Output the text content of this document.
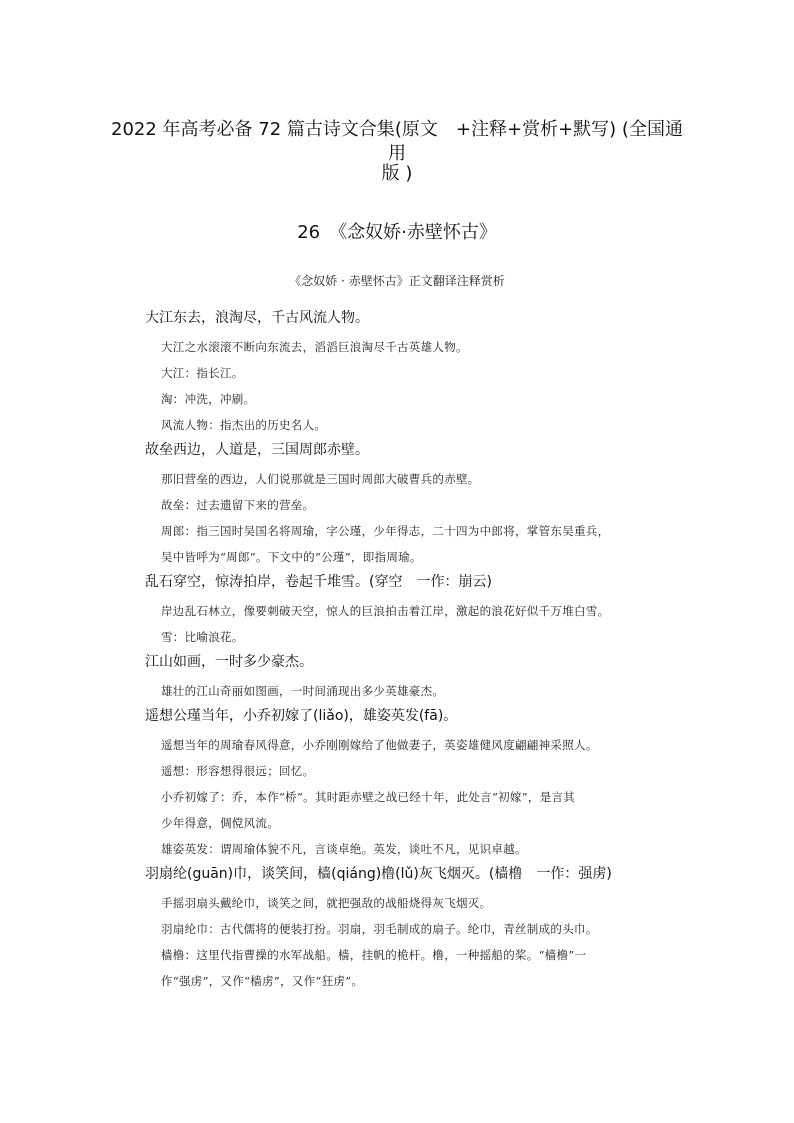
2022 年高考必备 72 篇古诗文合集(原文　+注释+赏析+默写) (全国通用
版 )
26　《念奴娇·赤壁怀古》
《念奴娇 · 赤壁怀古》正文翻译注释赏析

大江东去，浪淘尽，千古风流人物。

大江之水滚滚不断向东流去，滔滔巨浪淘尽千古英雄人物。

大江：指长江。

淘：冲洗，冲刷。

风流人物：指杰出的历史名人。

故垒西边，人道是，三国周郎赤壁。

那旧营垒的西边，人们说那就是三国时周郎大破曹兵的赤壁。

故垒：过去遗留下来的营垒。

周郎：指三国时吴国名将周瑜，字公瑾，少年得志，二十四为中郎将，掌管东吴重兵，

吴中皆呼为“周郎”。下文中的“公瑾”，即指周瑜。

乱石穿空，惊涛拍岸，卷起千堆雪。(穿空　一作：崩云)

岸边乱石林立，像要刺破天空，惊人的巨浪拍击着江岸，激起的浪花好似千万堆白雪。

雪：比喻浪花。

江山如画，一时多少豪杰。

雄壮的江山奇丽如图画，一时间涌现出多少英雄豪杰。

遥想公瑾当年，小乔初嫁了(liǎo)，雄姿英发(fā)。

遥想当年的周瑜春风得意，小乔刚刚嫁给了他做妻子，英姿雄健风度翩翩神采照人。

遥想：形容想得很远；回忆。

小乔初嫁了：乔，本作“桥”。其时距赤壁之战已经十年，此处言“初嫁”，是言其

少年得意，倜傥风流。

雄姿英发：谓周瑜体貌不凡，言谈卓绝。英发，谈吐不凡，见识卓越。

羽扇纶(guān)巾，谈笑间，樯(qiáng)橹(lǔ)灰飞烟灭。(樯橹　一作：强虏)

手摇羽扇头戴纶巾，谈笑之间，就把强敌的战船烧得灰飞烟灭。

羽扇纶巾：古代儒将的便装打扮。羽扇，羽毛制成的扇子。纶巾，青丝制成的头巾。

樯橹：这里代指曹操的水军战船。樯，挂帆的桅杆。橹，一种摇船的桨。“樯橹”一

作“强虏”，又作“樯虏”，又作“狂虏”。
